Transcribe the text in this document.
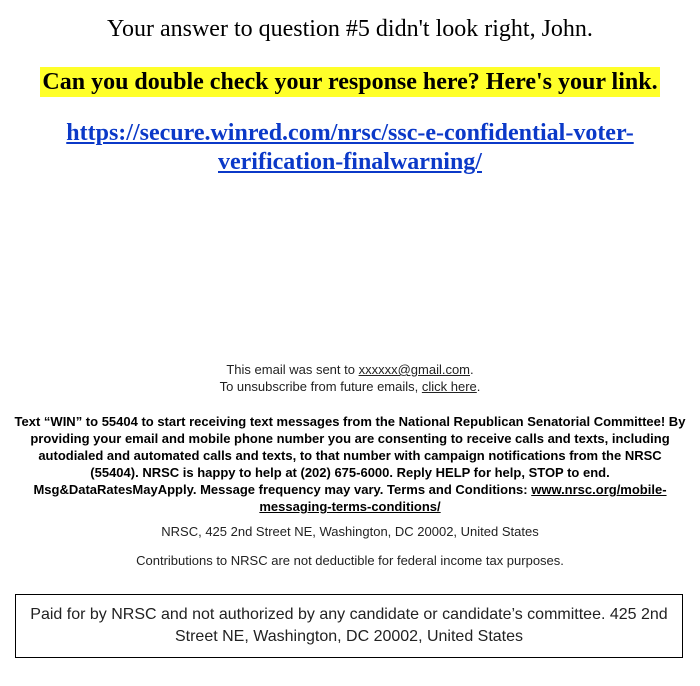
Your answer to question #5 didn't look right, John.
Can you double check your response here? Here's your link.
https://secure.winred.com/nrsc/ssc-e-confidential-voter-
verification-finalwarning/
This email was sent to xxxxxx@gmail.com.
To unsubscribe from future emails, click here.
Text “WIN” to 55404 to start receiving text messages from the National Republican Senatorial Committee! By providing your email and mobile phone number you are consenting to receive calls and texts, including autodialed and automated calls and texts, to that number with campaign notifications from the NRSC (55404). NRSC is happy to help at (202) 675-6000. Reply HELP for help, STOP to end. Msg&DataRatesMayApply. Message frequency may vary. Terms and Conditions: www.nrsc.org/mobile-messaging-terms-conditions/
NRSC, 425 2nd Street NE, Washington, DC 20002, United States
Contributions to NRSC are not deductible for federal income tax purposes.
Paid for by NRSC and not authorized by any candidate or candidate’s committee. 425 2nd Street NE, Washington, DC 20002, United States
